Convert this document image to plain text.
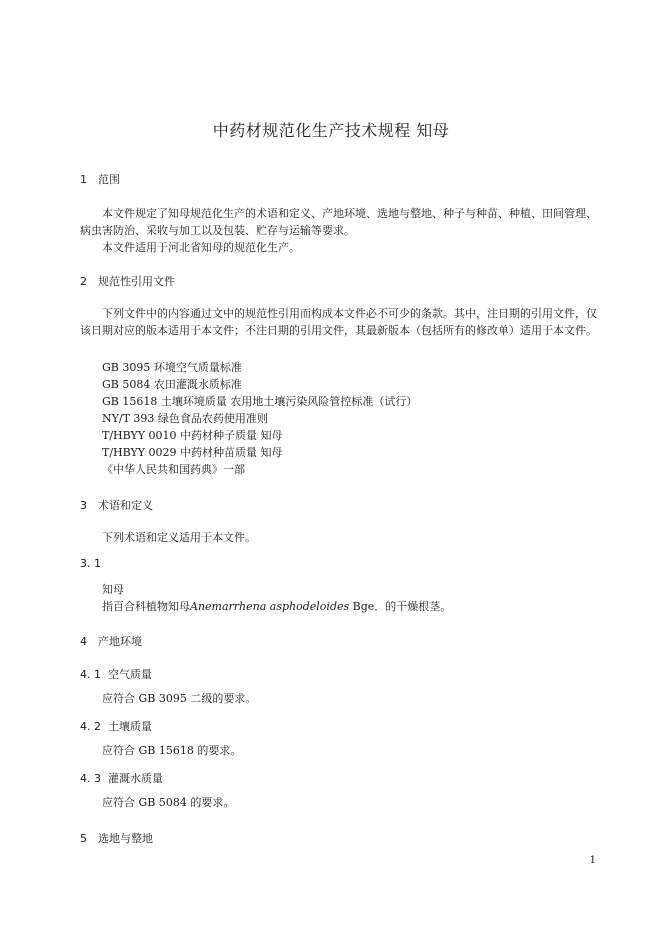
中药材规范化生产技术规程 知母
1 范围
本文件规定了知母规范化生产的术语和定义、产地环境、选地与整地、种子与种苗、种植、田间管理、病虫害防治、采收与加工以及包装、贮存与运输等要求。
本文件适用于河北省知母的规范化生产。
2 规范性引用文件
下列文件中的内容通过文中的规范性引用而构成本文件必不可少的条款。其中，注日期的引用文件，仅该日期对应的版本适用于本文件；不注日期的引用文件，其最新版本（包括所有的修改单）适用于本文件。
GB 3095 环境空气质量标准
GB 5084 农田灌溉水质标准
GB 15618 土壤环境质量 农用地土壤污染风险管控标准（试行）
NY/T 393 绿色食品农药使用准则
T/HBYY 0010 中药材种子质量 知母
T/HBYY 0029 中药材种苗质量 知母
《中华人民共和国药典》一部
3 术语和定义
下列术语和定义适用于本文件。
3. 1
知母
指百合科植物知母Anemarrhena asphodeloides Bge．的干燥根茎。
4 产地环境
4. 1 空气质量
应符合 GB 3095 二级的要求。
4. 2 土壤质量
应符合 GB 15618 的要求。
4. 3 灌溉水质量
应符合 GB 5084 的要求。
5 选地与整地
1
